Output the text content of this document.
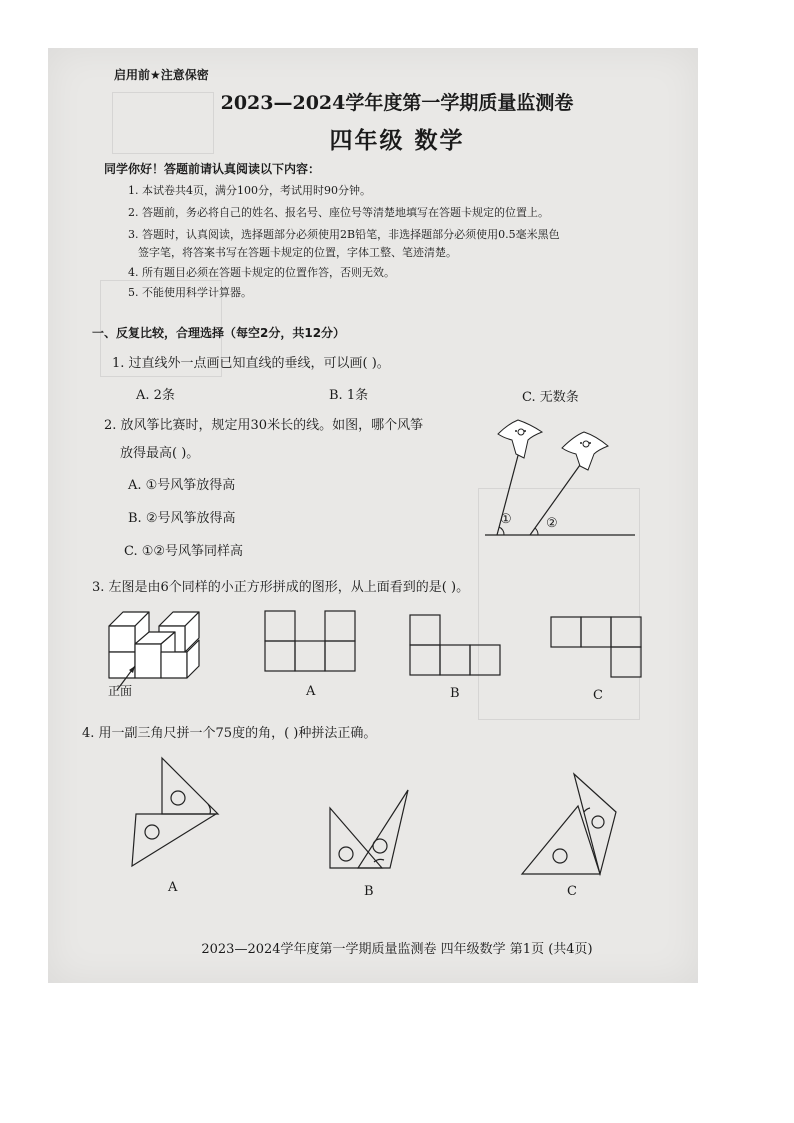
启用前★注意保密
2023—2024学年度第一学期质量监测卷
四年级 数学
同学你好！答题前请认真阅读以下内容：
1. 本试卷共4页，满分100分，考试用时90分钟。
2. 答题前，务必将自己的姓名、报名号、座位号等清楚地填写在答题卡规定的位置上。
3. 答题时，认真阅读，选择题部分必须使用2B铅笔，非选择题部分必须使用0.5毫米黑色
签字笔，将答案书写在答题卡规定的位置，字体工整、笔迹清楚。
4. 所有题目必须在答题卡规定的位置作答，否则无效。
5. 不能使用科学计算器。
一、反复比较，合理选择（每空2分，共12分）
1. 过直线外一点画已知直线的垂线，可以画( )。
A. 2条	B. 1条	C. 无数条
2. 放风筝比赛时，规定用30米长的线。如图，哪个风筝
放得最高( )。
A. ①号风筝放得高
B. ②号风筝放得高
C. ①②号风筝同样高
①	②
3. 左图是由6个同样的小正方形拼成的图形，从上面看到的是( )。
正面	A	B	C
4. 用一副三角尺拼一个75度的角，( )种拼法正确。
A	B	C
2023—2024学年度第一学期质量监测卷 四年级数学 第1页 (共4页)
